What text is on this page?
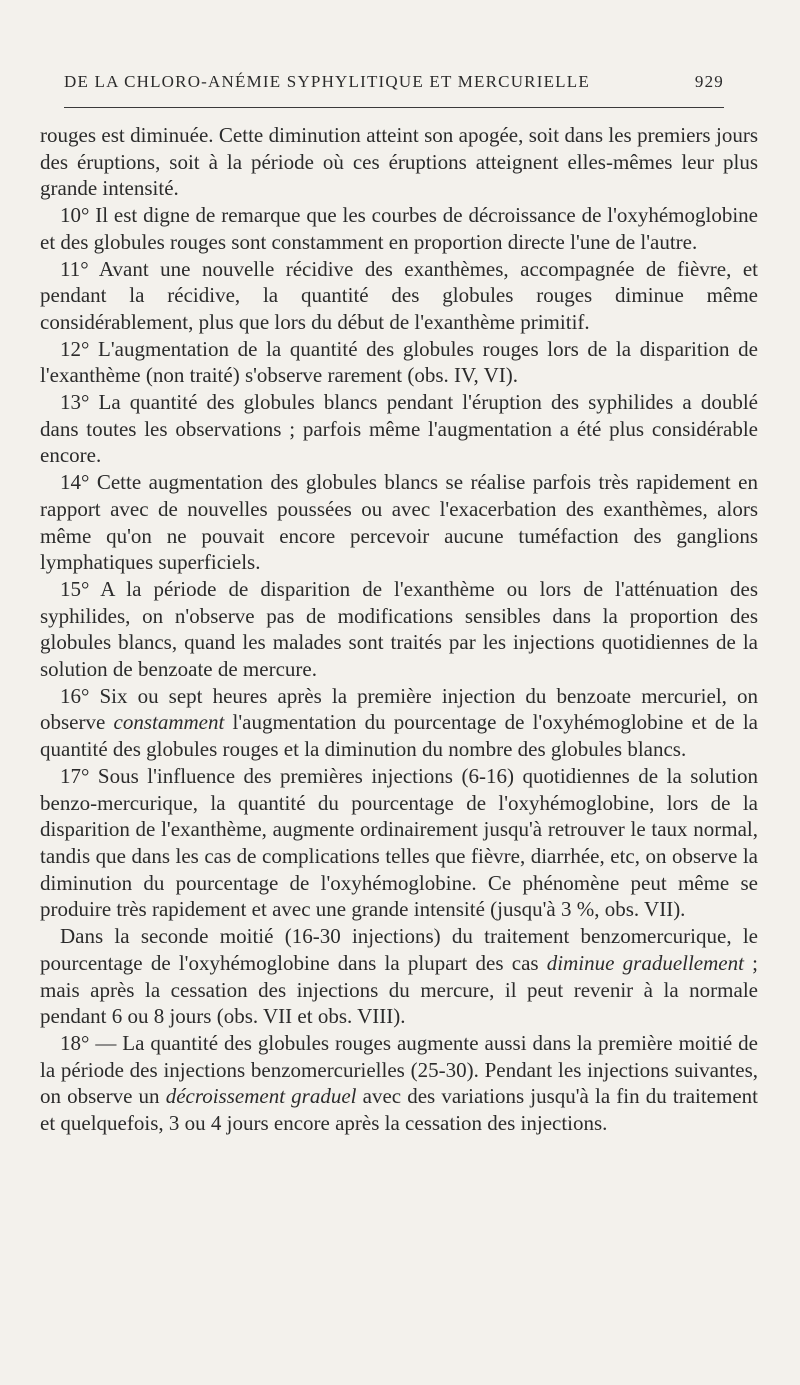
DE LA CHLORO-ANÉMIE SYPHYLITIQUE ET MERCURIELLE	929

rouges est diminuée. Cette diminution atteint son apogée, soit dans les premiers jours des éruptions, soit à la période où ces éruptions atteignent elles-mêmes leur plus grande intensité.

10° Il est digne de remarque que les courbes de décroissance de l'oxyhémoglobine et des globules rouges sont constamment en proportion directe l'une de l'autre.

11° Avant une nouvelle récidive des exanthèmes, accompagnée de fièvre, et pendant la récidive, la quantité des globules rouges diminue même considérablement, plus que lors du début de l'exanthème primitif.

12° L'augmentation de la quantité des globules rouges lors de la disparition de l'exanthème (non traité) s'observe rarement (obs. IV, VI).

13° La quantité des globules blancs pendant l'éruption des syphilides a doublé dans toutes les observations ; parfois même l'augmentation a été plus considérable encore.

14° Cette augmentation des globules blancs se réalise parfois très rapidement en rapport avec de nouvelles poussées ou avec l'exacerbation des exanthèmes, alors même qu'on ne pouvait encore percevoir aucune tuméfaction des ganglions lymphatiques superficiels.

15° A la période de disparition de l'exanthème ou lors de l'atténuation des syphilides, on n'observe pas de modifications sensibles dans la proportion des globules blancs, quand les malades sont traités par les injections quotidiennes de la solution de benzoate de mercure.

16° Six ou sept heures après la première injection du benzoate mercuriel, on observe constamment l'augmentation du pourcentage de l'oxyhémoglobine et de la quantité des globules rouges et la diminution du nombre des globules blancs.

17° Sous l'influence des premières injections (6-16) quotidiennes de la solution benzo-mercurique, la quantité du pourcentage de l'oxyhémoglobine, lors de la disparition de l'exanthème, augmente ordinairement jusqu'à retrouver le taux normal, tandis que dans les cas de complications telles que fièvre, diarrhée, etc, on observe la diminution du pourcentage de l'oxyhémoglobine. Ce phénomène peut même se produire très rapidement et avec une grande intensité (jusqu'à 3 %, obs. VII).

Dans la seconde moitié (16-30 injections) du traitement benzomercurique, le pourcentage de l'oxyhémoglobine dans la plupart des cas diminue graduellement ; mais après la cessation des injections du mercure, il peut revenir à la normale pendant 6 ou 8 jours (obs. VII et obs. VIII).

18° — La quantité des globules rouges augmente aussi dans la première moitié de la période des injections benzomercurielles (25-30). Pendant les injections suivantes, on observe un décroissement graduel avec des variations jusqu'à la fin du traitement et quelquefois, 3 ou 4 jours encore après la cessation des injections.
